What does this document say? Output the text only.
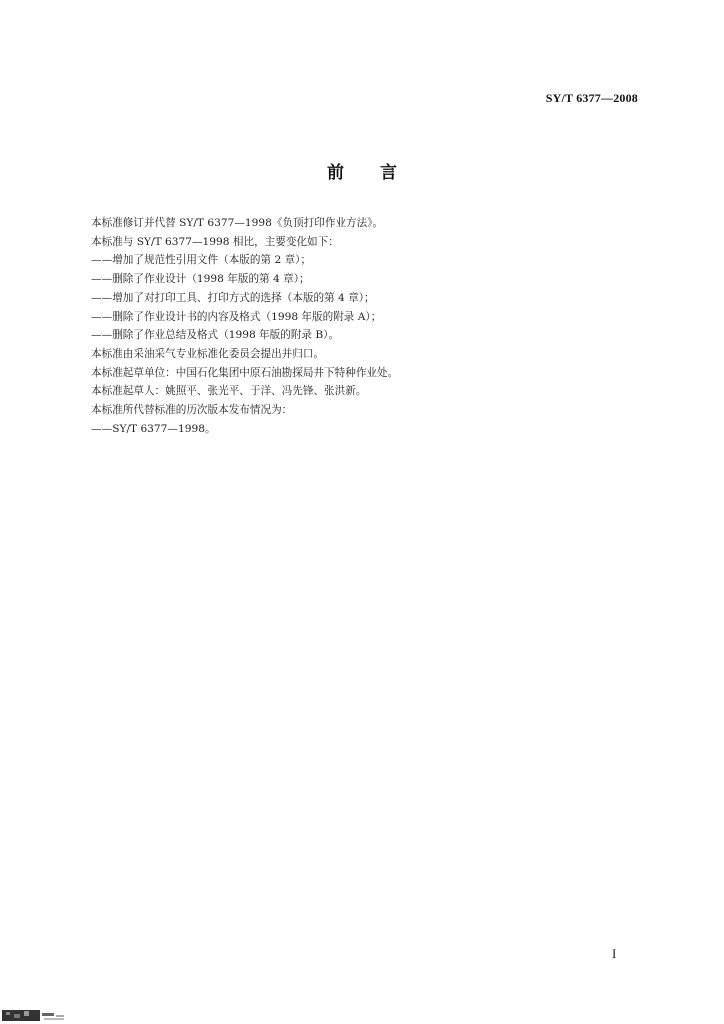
SY/T 6377—2008
前 言
本标准修订并代替 SY/T 6377—1998《负顶打印作业方法》。
本标准与 SY/T 6377—1998 相比，主要变化如下：
——增加了规范性引用文件（本版的第 2 章）；
——删除了作业设计（1998 年版的第 4 章）；
——增加了对打印工具、打印方式的选择（本版的第 4 章）；
——删除了作业设计书的内容及格式（1998 年版的附录 A）；
——删除了作业总结及格式（1998 年版的附录 B）。
本标准由采油采气专业标准化委员会提出并归口。
本标准起草单位：中国石化集团中原石油勘探局井下特种作业处。
本标准起草人：姚照平、张光平、于洋、冯先锋、张洪新。
本标准所代替标准的历次版本发布情况为：
——SY/T 6377—1998。
I
